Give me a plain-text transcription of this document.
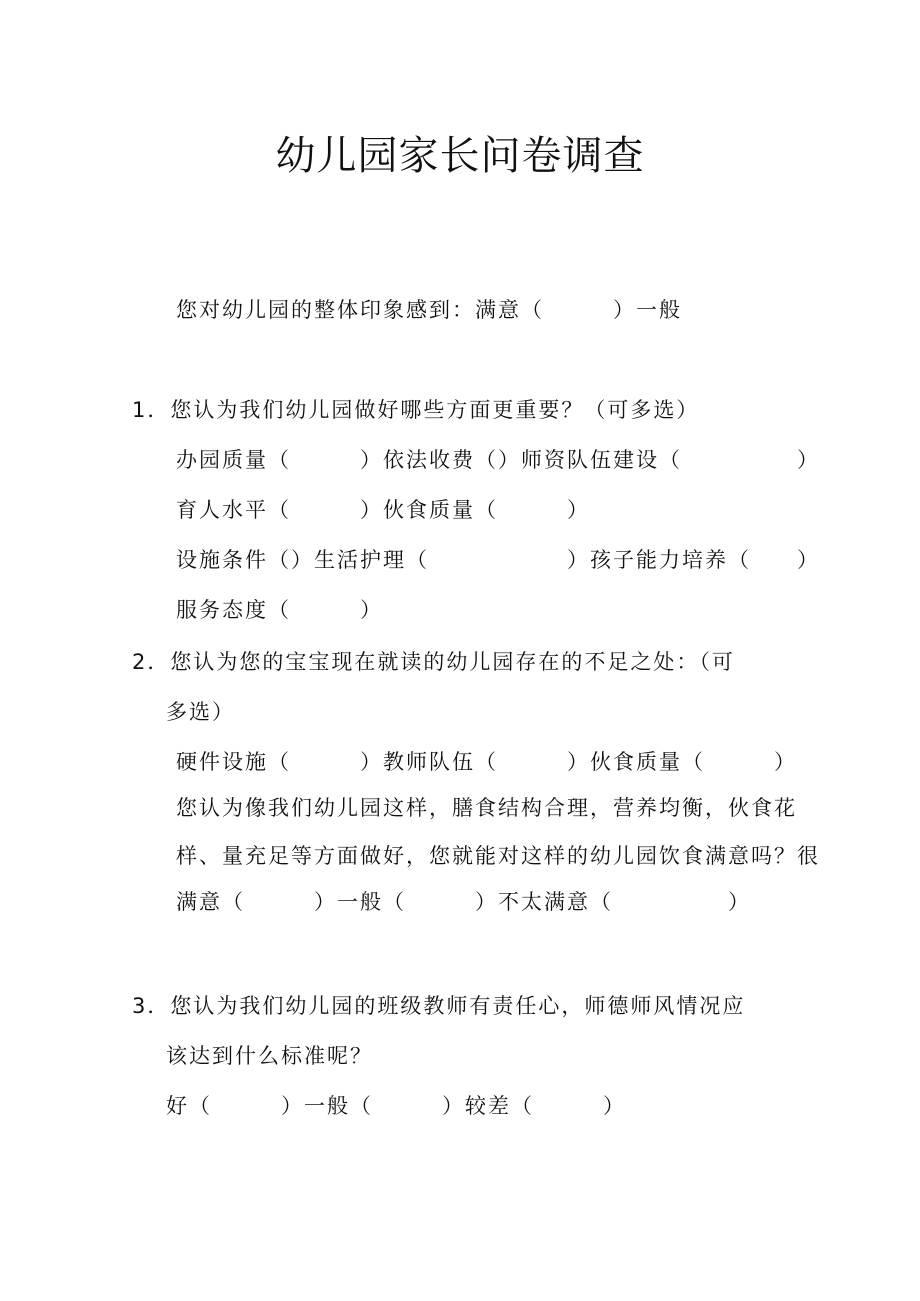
幼儿园家长问卷调查
您对幼儿园的整体印象感到：满意（　　　）一般
1．您认为我们幼儿园做好哪些方面更重要？（可多选）
办园质量（　　　）依法收费（）师资队伍建设（　　　　　）
育人水平（　　　）伙食质量（　　　）
设施条件（）生活护理（　　　　　　）孩子能力培养（　　）
服务态度（　　　）
2．您认为您的宝宝现在就读的幼儿园存在的不足之处：（可
多选）
硬件设施（　　　）教师队伍（　　　）伙食质量（　　　）
您认为像我们幼儿园这样，膳食结构合理，营养均衡，伙食花
样、量充足等方面做好，您就能对这样的幼儿园饮食满意吗？很
满意（　　　）一般（　　　）不太满意（　　　　　）
3．您认为我们幼儿园的班级教师有责任心，师德师风情况应
该达到什么标准呢？
好（　　　）一般（　　　）较差（　　　）
